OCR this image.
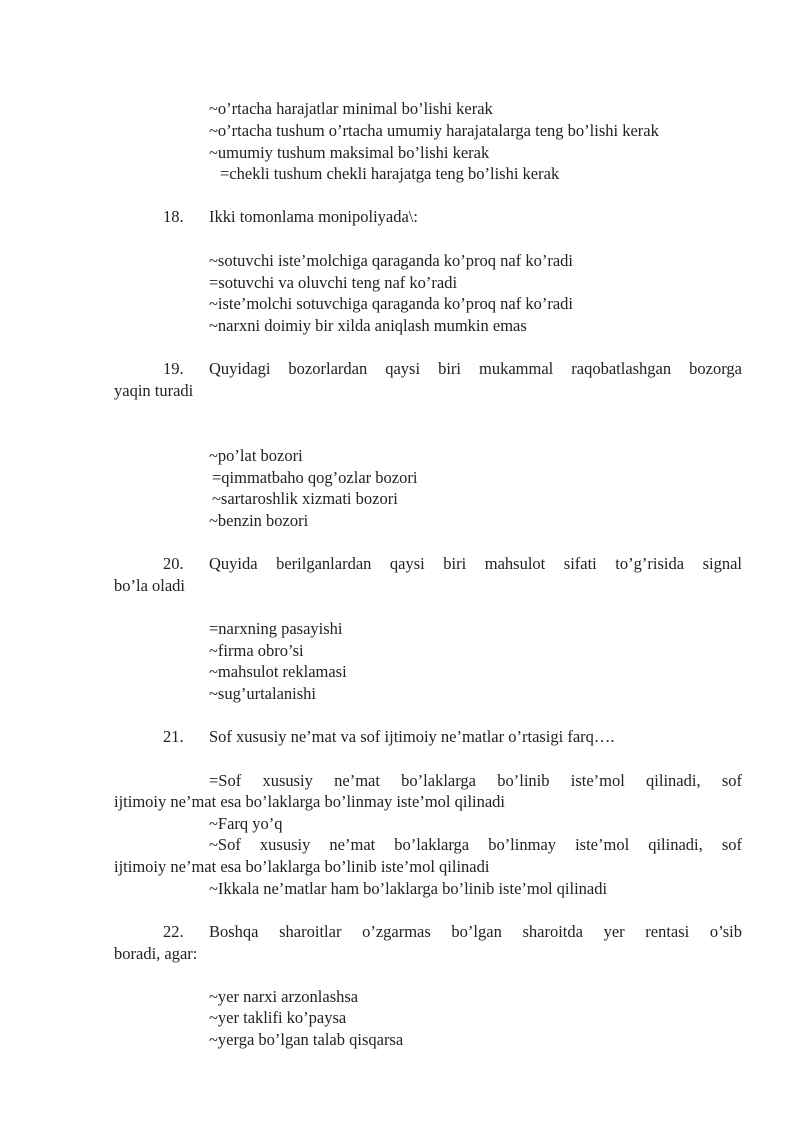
~o’rtacha harajatlar minimal bo’lishi kerak
~o’rtacha tushum o’rtacha umumiy harajatalarga teng bo’lishi kerak
~umumiy tushum maksimal bo’lishi kerak
=chekli tushum chekli harajatga teng bo’lishi kerak
18. Ikki tomonlama monipoliyada\:
~sotuvchi iste’molchiga qaraganda ko’proq naf ko’radi
=sotuvchi va oluvchi teng naf ko’radi
~iste’molchi sotuvchiga qaraganda ko’proq naf ko’radi
~narxni doimiy bir xilda aniqlash mumkin emas
19. Quyidagi bozorlardan qaysi biri mukammal raqobatlashgan bozorga
yaqin turadi
~po’lat bozori
=qimmatbaho qog’ozlar bozori
~sartaroshlik xizmati bozori
~benzin bozori
20. Quyida berilganlardan qaysi biri mahsulot sifati to’g’risida signal
bo’la oladi
=narxning pasayishi
~firma obro’si
~mahsulot reklamasi
~sug’urtalanishi
21. Sof xususiy ne’mat va sof ijtimoiy ne’matlar o’rtasigi farq….
=Sof xususiy ne’mat bo’laklarga bo’linib iste’mol qilinadi, sof
ijtimoiy ne’mat esa bo’laklarga bo’linmay iste’mol qilinadi
~Farq yo’q
~Sof xususiy ne’mat bo’laklarga bo’linmay iste’mol qilinadi, sof
ijtimoiy ne’mat esa bo’laklarga bo’linib iste’mol qilinadi
~Ikkala ne’matlar ham bo’laklarga bo’linib iste’mol qilinadi
22. Boshqa sharoitlar o’zgarmas bo’lgan sharoitda yer rentasi o’sib
boradi, agar:
~yer narxi arzonlashsa
~yer taklifi ko’paysa
~yerga bo’lgan talab qisqarsa
